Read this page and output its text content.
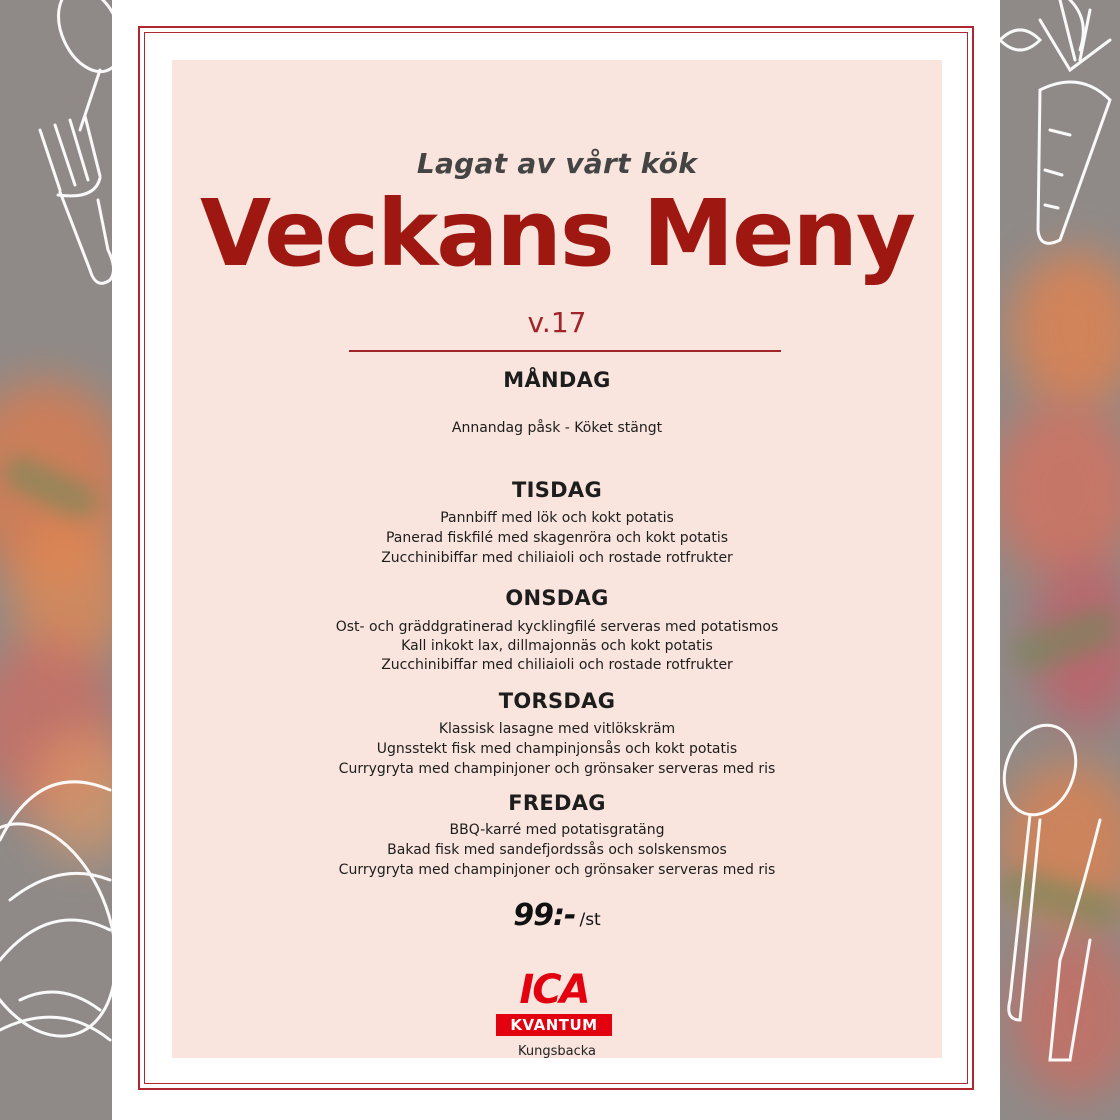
Lagat av vårt kök
Veckans Meny
v.17
MÅNDAG
Annandag påsk - Köket stängt
TISDAG
Pannbiff med lök och kokt potatis
Panerad fiskfilé med skagenröra och kokt potatis
Zucchinibiffar med chiliaioli och rostade rotfrukter
ONSDAG
Ost- och gräddgratinerad kycklingfilé serveras med potatismos
Kall inkokt lax, dillmajonnäs och kokt potatis
Zucchinibiffar med chiliaioli och rostade rotfrukter
TORSDAG
Klassisk lasagne med vitlökskräm
Ugnsstekt fisk med champinjonsås och kokt potatis
Currygryta med champinjoner och grönsaker serveras med ris
FREDAG
BBQ-karré med potatisgratäng
Bakad fisk med sandefjordssås och solskensmos
Currygryta med champinjoner och grönsaker serveras med ris
99:- /st
ICA
KVANTUM
Kungsbacka
